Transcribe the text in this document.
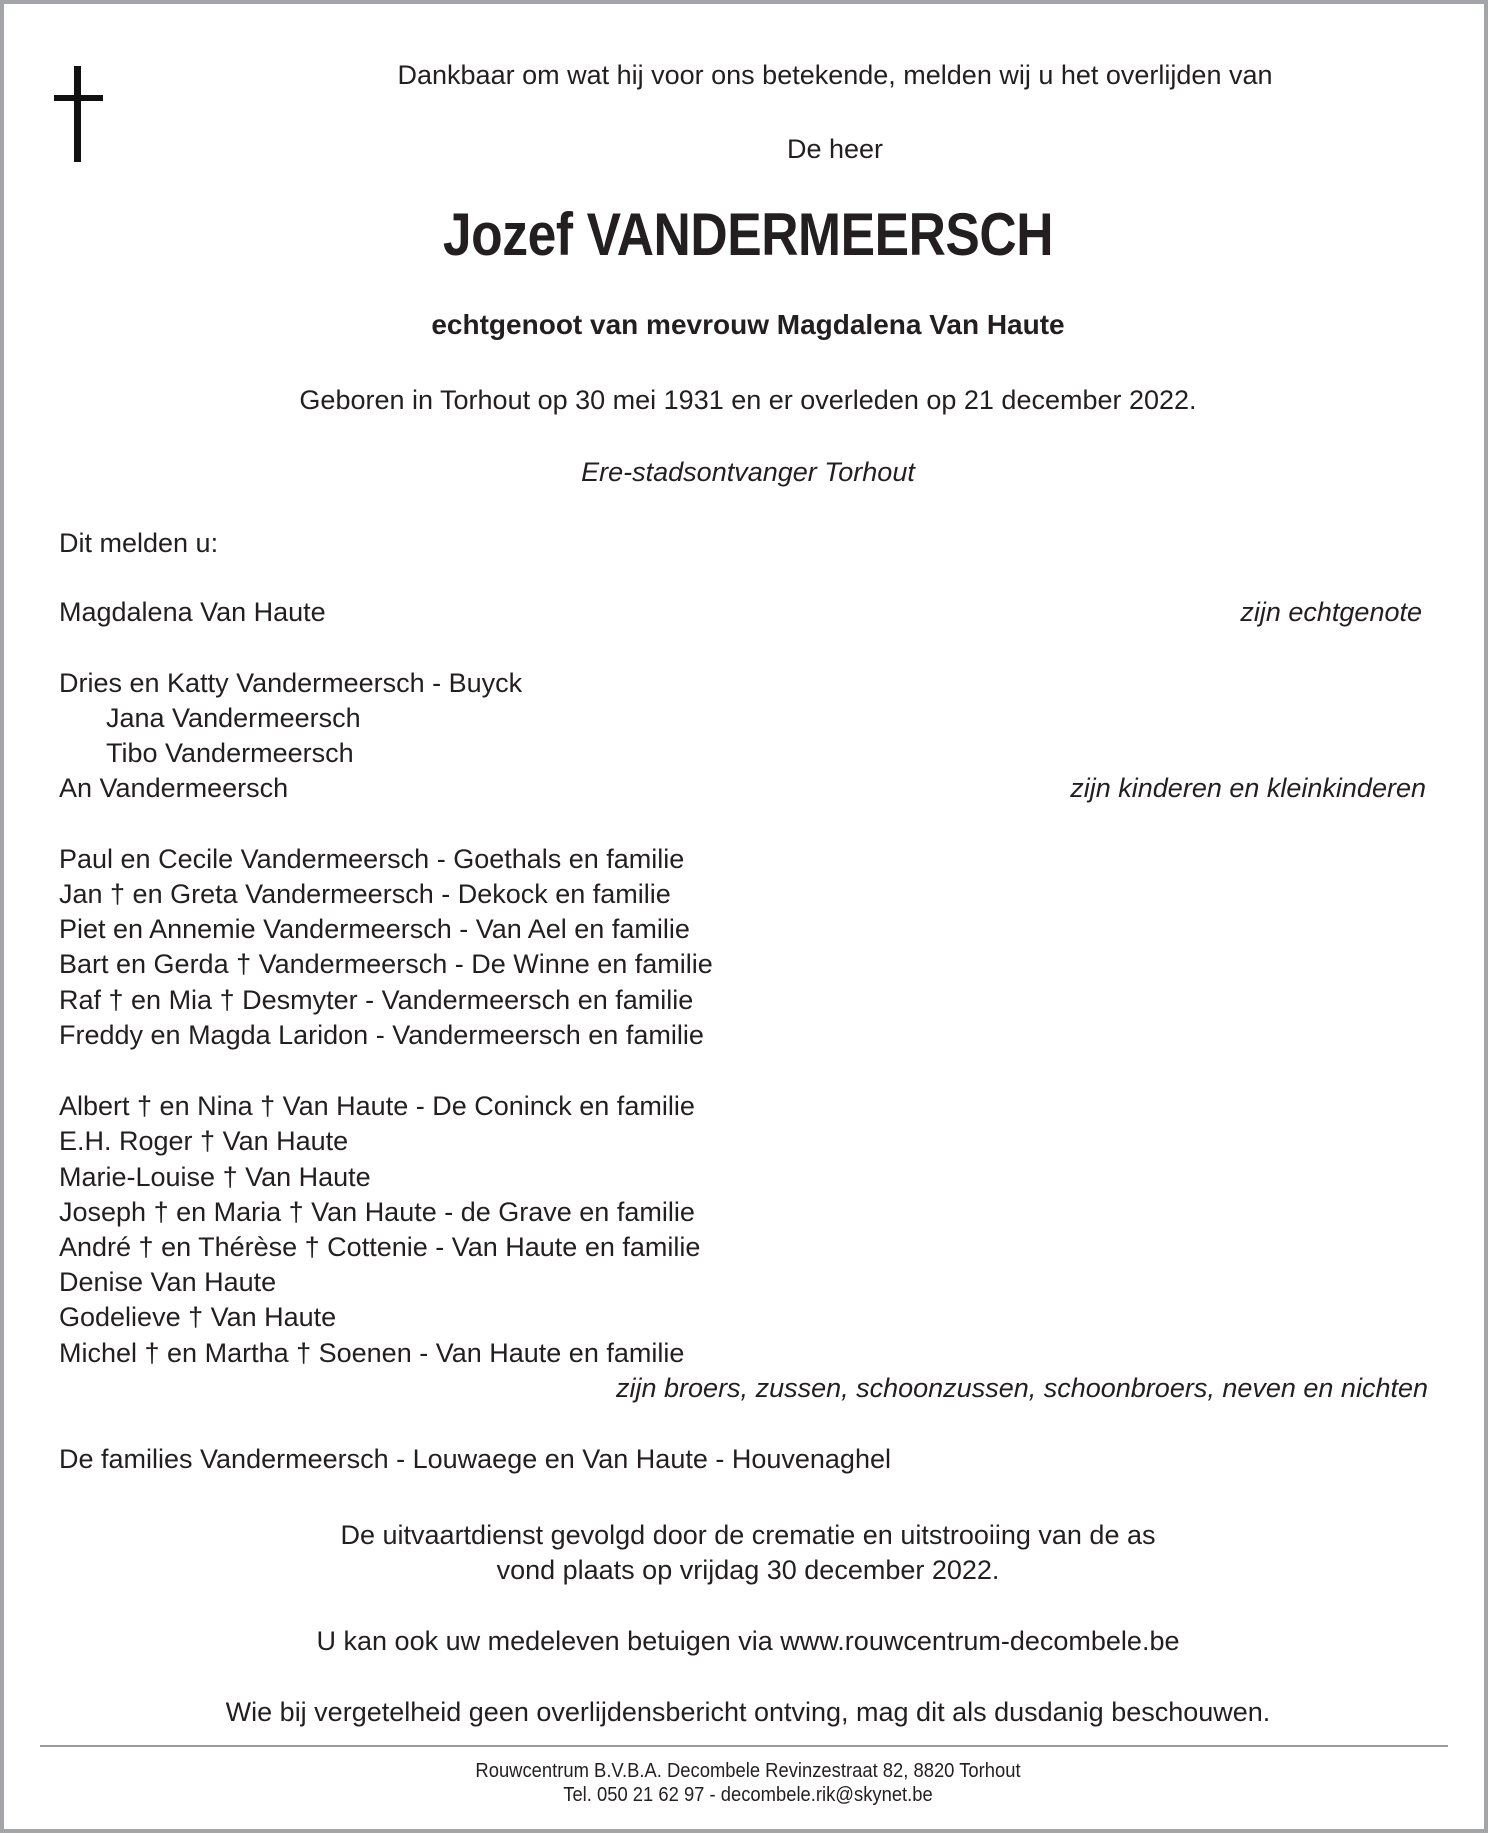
Dankbaar om wat hij voor ons betekende, melden wij u het overlijden van
De heer
Jozef VANDERMEERSCH
echtgenoot van mevrouw Magdalena Van Haute
Geboren in Torhout op 30 mei 1931 en er overleden op 21 december 2022.
Ere-stadsontvanger Torhout
Dit melden u:
Magdalena Van Haute	zijn echtgenote
Dries en Katty Vandermeersch - Buyck
Jana Vandermeersch
Tibo Vandermeersch
An Vandermeersch	zijn kinderen en kleinkinderen
Paul en Cecile Vandermeersch - Goethals en familie
Jan † en Greta Vandermeersch - Dekock en familie
Piet en Annemie Vandermeersch - Van Ael en familie
Bart en Gerda † Vandermeersch - De Winne en familie
Raf † en Mia † Desmyter - Vandermeersch en familie
Freddy en Magda Laridon - Vandermeersch en familie
Albert † en Nina † Van Haute - De Coninck en familie
E.H. Roger † Van Haute
Marie-Louise † Van Haute
Joseph † en Maria † Van Haute - de Grave en familie
André † en Thérèse † Cottenie - Van Haute en familie
Denise Van Haute
Godelieve † Van Haute
Michel † en Martha † Soenen - Van Haute en familie
zijn broers, zussen, schoonzussen, schoonbroers, neven en nichten
De families Vandermeersch - Louwaege en Van Haute - Houvenaghel
De uitvaartdienst gevolgd door de crematie en uitstrooiing van de as
vond plaats op vrijdag 30 december 2022.
U kan ook uw medeleven betuigen via www.rouwcentrum-decombele.be
Wie bij vergetelheid geen overlijdensbericht ontving, mag dit als dusdanig beschouwen.
Rouwcentrum B.V.B.A. Decombele Revinzestraat 82, 8820 Torhout
Tel. 050 21 62 97 - decombele.rik@skynet.be
